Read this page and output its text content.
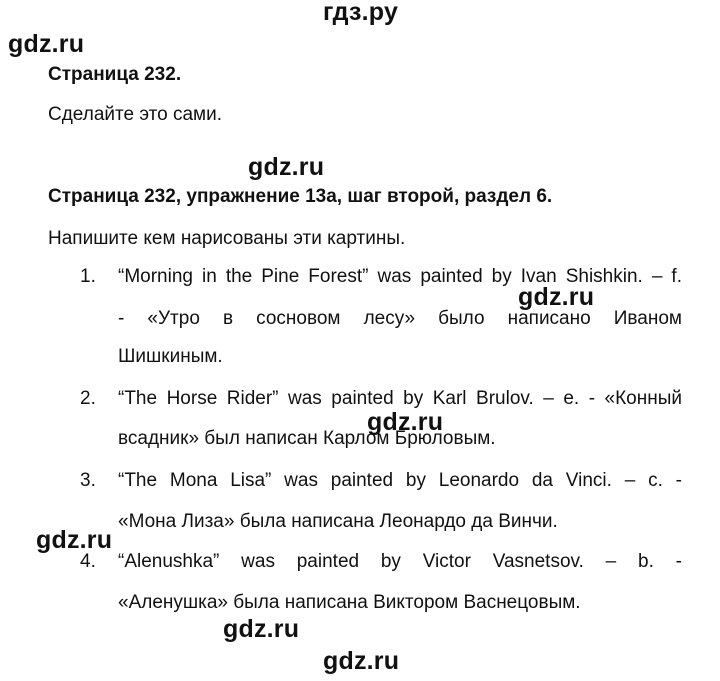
гдз.ру
gdz.ru
gdz.ru
gdz.ru
gdz.ru
gdz.ru
gdz.ru
gdz.ru
Страница 232.
Сделайте это сами.
Страница 232, упражнение 13а, шаг второй, раздел 6.
Напишите кем нарисованы эти картины.
1. “Morning in the Pine Forest” was painted by Ivan Shishkin. – f.
- «Утро в сосновом лесу» было написано Иваном
Шишкиным.
2. “The Horse Rider” was painted by Karl Brulov. – e. - «Конный
всадник» был написан Карлом Брюловым.
3. “The Mona Lisa” was painted by Leonardo da Vinci. – c. -
«Мона Лиза» была написана Леонардо да Винчи.
4. “Alenushka” was painted by Victor Vasnetsov. – b. -
«Аленушка» была написана Виктором Васнецовым.
